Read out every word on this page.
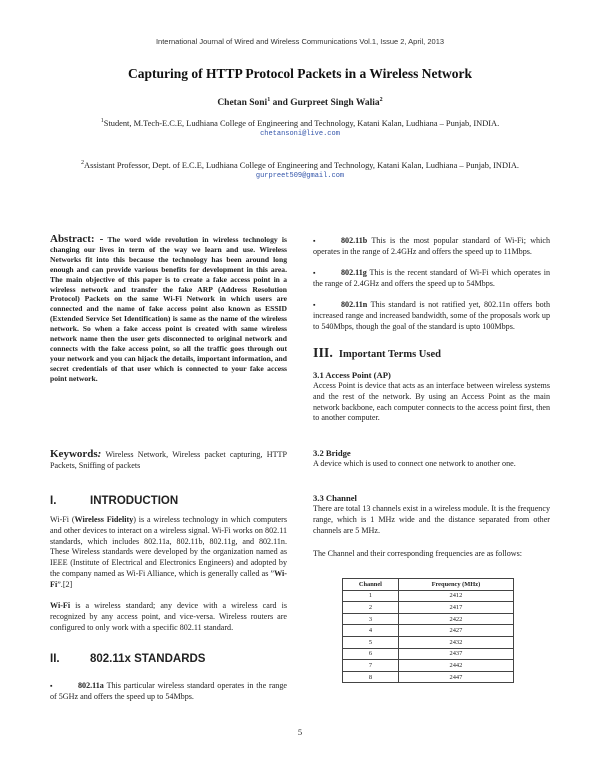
International Journal of Wired and Wireless Communications Vol.1, Issue 2, April, 2013
Capturing of HTTP Protocol Packets in a Wireless Network
Chetan Soni$^1$ and Gurpreet Singh Walia$^2$
$^1$Student, M.Tech-E.C.E, Ludhiana College of Engineering and Technology, Katani Kalan, Ludhiana – Punjab, INDIA.
chetansoni@live.com
$^2$Assistant Professor, Dept. of E.C.E, Ludhiana College of Engineering and Technology, Katani Kalan, Ludhiana – Punjab, INDIA.
gurpreet509@gmail.com
Abstract: - The word wide revolution in wireless technology is changing our lives in term of the way we learn and use. Wireless Networks fit into this because the technology has been around long enough and can provide various benefits for development in this area. The main objective of this paper is to create a fake access point in a wireless network and transfer the fake ARP (Address Resolution Protocol) Packets on the same Wi-Fi Network in which users are connected and the name of fake access point also known as ESSID (Extended Service Set Identification) is same as the name of the wireless network. So when a fake access point is created with same wireless network name then the user gets disconnected to original network and connects with the fake access point, so all the traffic goes through out your network and you can hijack the details, important information, and secret credentials of that user which is connected to your fake access point network.
Keywords: Wireless Network, Wireless packet capturing, HTTP Packets, Sniffing of packets
I.	INTRODUCTION
Wi-Fi (Wireless Fidelity) is a wireless technology in which computers and other devices to interact on a wireless signal. Wi-Fi works on 802.11 standards, which includes 802.11a, 802.11b, 802.11g, and 802.11n. These Wireless standards were developed by the organization named as IEEE (Institute of Electrical and Electronics Engineers) and adopted by the company named as Wi-Fi Alliance, which is generally called as ”Wi-Fi”.[2]
Wi-Fi is a wireless standard; any device with a wireless card is recognized by any access point, and vice-versa. Wireless routers are configured to only work with a specific 802.11 standard.
II.	802.11x STANDARDS
▪	802.11a This particular wireless standard operates in the range of 5GHz and offers the speed up to 54Mbps.
▪	802.11b This is the most popular standard of Wi-Fi; which operates in the range of 2.4GHz and offers the speed up to 11Mbps.
▪	802.11g This is the recent standard of Wi-Fi which operates in the range of 2.4GHz and offers the speed up to 54Mbps.
▪	802.11n This standard is not ratified yet, 802.11n offers both increased range and increased bandwidth, some of the proposals work up to 540Mbps, though the goal of the standard is upto 100Mbps.
III. Important Terms Used
3.1 Access Point (AP)
Access Point is device that acts as an interface between wireless systems and the rest of the network. By using an Access Point as the main network backbone, each computer connects to the access point first, then to another computer.
3.2 Bridge
A device which is used to connect one network to another one.
3.3 Channel
There are total 13 channels exist in a wireless module. It is the frequency range, which is 1 MHz wide and the distance separated from other channels are 5 MHz.
The Channel and their corresponding frequencies are as follows:
Channel	Frequency (MHz)
1	2412
2	2417
3	2422
4	2427
5	2432
6	2437
7	2442
8	2447
5
